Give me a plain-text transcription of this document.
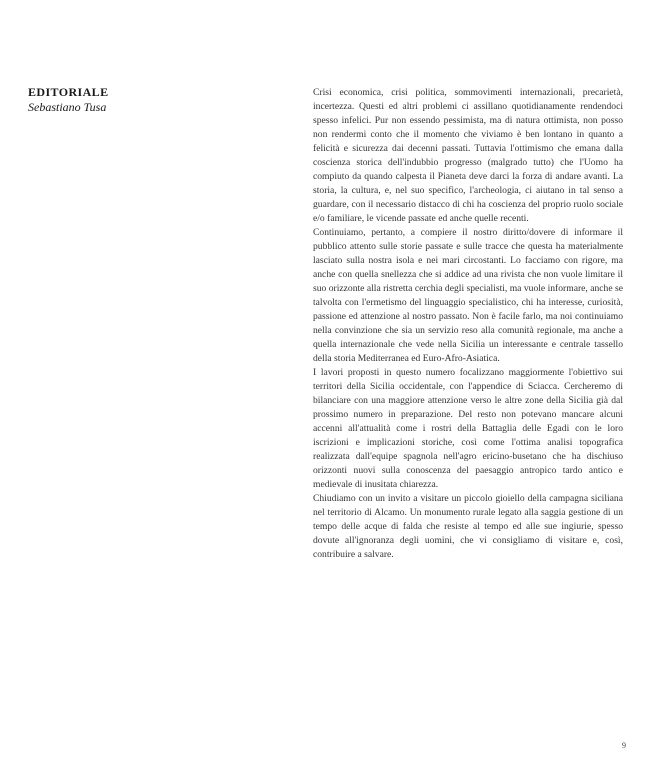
EDITORIALE

Sebastiano Tusa

Crisi economica, crisi politica, sommovimenti internazionali, precarietà, incertezza. Questi ed altri problemi ci assillano quotidianamente rendendoci spesso infelici. Pur non essendo pessimista, ma di natura ottimista, non posso non rendermi conto che il momento che viviamo è ben lontano in quanto a felicità e sicurezza dai decenni passati. Tuttavia l'ottimismo che emana dalla coscienza storica dell'indubbio progresso (malgrado tutto) che l'Uomo ha compiuto da quando calpesta il Pianeta deve darci la forza di andare avanti. La storia, la cultura, e, nel suo specifico, l'archeologia, ci aiutano in tal senso a guardare, con il necessario distacco di chi ha coscienza del proprio ruolo sociale e/o familiare, le vicende passate ed anche quelle recenti.

Continuiamo, pertanto, a compiere il nostro diritto/dovere di informare il pubblico attento sulle storie passate e sulle tracce che questa ha materialmente lasciato sulla nostra isola e nei mari circostanti. Lo facciamo con rigore, ma anche con quella snellezza che si addice ad una rivista che non vuole limitare il suo orizzonte alla ristretta cerchia degli specialisti, ma vuole informare, anche se talvolta con l'ermetismo del linguaggio specialistico, chi ha interesse, curiosità, passione ed attenzione al nostro passato. Non è facile farlo, ma noi continuiamo nella convinzione che sia un servizio reso alla comunità regionale, ma anche a quella internazionale che vede nella Sicilia un interessante e centrale tassello della storia Mediterranea ed Euro-Afro-Asiatica.

I lavori proposti in questo numero focalizzano maggiormente l'obiettivo sui territori della Sicilia occidentale, con l'appendice di Sciacca. Cercheremo di bilanciare con una maggiore attenzione verso le altre zone della Sicilia già dal prossimo numero in preparazione. Del resto non potevano mancare alcuni accenni all'attualità come i rostri della Battaglia delle Egadi con le loro iscrizioni e implicazioni storiche, così come l'ottima analisi topografica realizzata dall'equipe spagnola nell'agro ericino-busetano che ha dischiuso orizzonti nuovi sulla conoscenza del paesaggio antropico tardo antico e medievale di inusitata chiarezza.

Chiudiamo con un invito a visitare un piccolo gioiello della campagna siciliana nel territorio di Alcamo. Un monumento rurale legato alla saggia gestione di un tempo delle acque di falda che resiste al tempo ed alle sue ingiurie, spesso dovute all'ignoranza degli uomini, che vi consigliamo di visitare e, così, contribuire a salvare.

9
